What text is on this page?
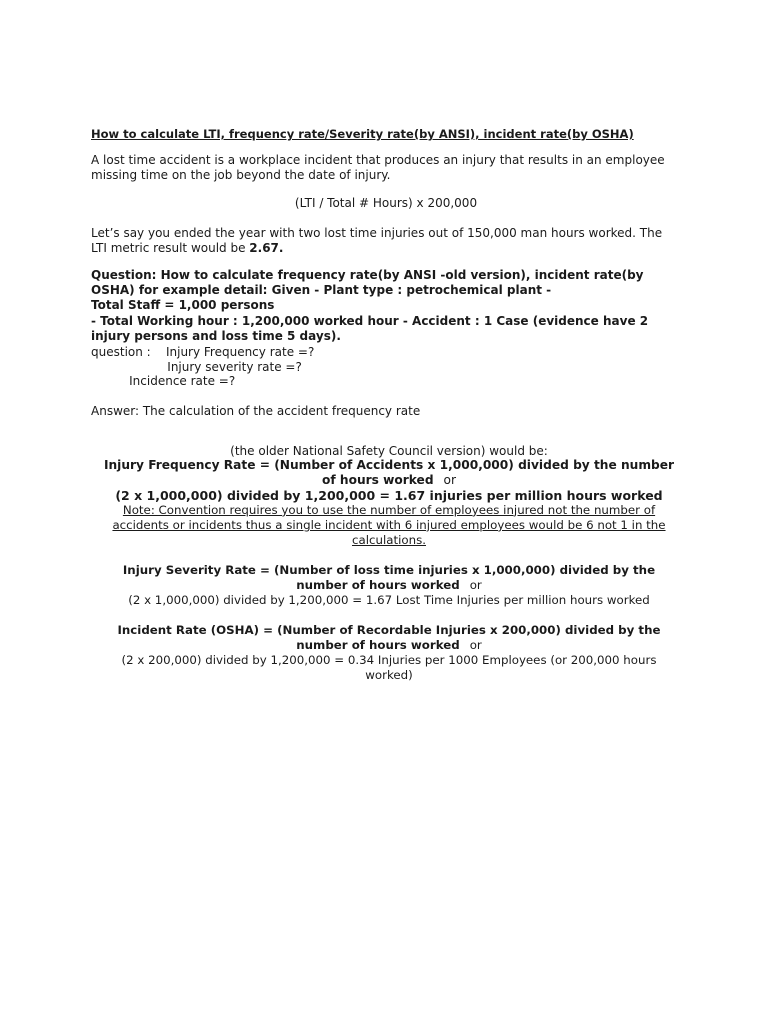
How to calculate LTI, frequency rate/Severity rate(by ANSI), incident rate(by OSHA)

A lost time accident is a workplace incident that produces an injury that results in an employee missing time on the job beyond the date of injury.

(LTI / Total # Hours) x 200,000

Let’s say you ended the year with two lost time injuries out of 150,000 man hours worked. The LTI metric result would be 2.67.

Question: How to calculate frequency rate(by ANSI -old version), incident rate(by OSHA) for example detail: Given - Plant type : petrochemical plant -
Total Staff = 1,000 persons
- Total Working hour : 1,200,000 worked hour - Accident : 1 Case (evidence have 2 injury persons and loss time 5 days).
question :    Injury Frequency rate =?
Injury severity rate =?
Incidence rate =?

Answer: The calculation of the accident frequency rate

(the older National Safety Council version) would be:

Injury Frequency Rate = (Number of Accidents x 1,000,000) divided by the number of hours worked or

(2 x 1,000,000) divided by 1,200,000 = 1.67 injuries per million hours worked

Note: Convention requires you to use the number of employees injured not the number of accidents or incidents thus a single incident with 6 injured employees would be 6 not 1 in the calculations.

Injury Severity Rate = (Number of loss time injuries x 1,000,000) divided by the number of hours worked or

(2 x 1,000,000) divided by 1,200,000 = 1.67 Lost Time Injuries per million hours worked

Incident Rate (OSHA) = (Number of Recordable Injuries x 200,000) divided by the number of hours worked or

(2 x 200,000) divided by 1,200,000 = 0.34 Injuries per 1000 Employees (or 200,000 hours worked)
